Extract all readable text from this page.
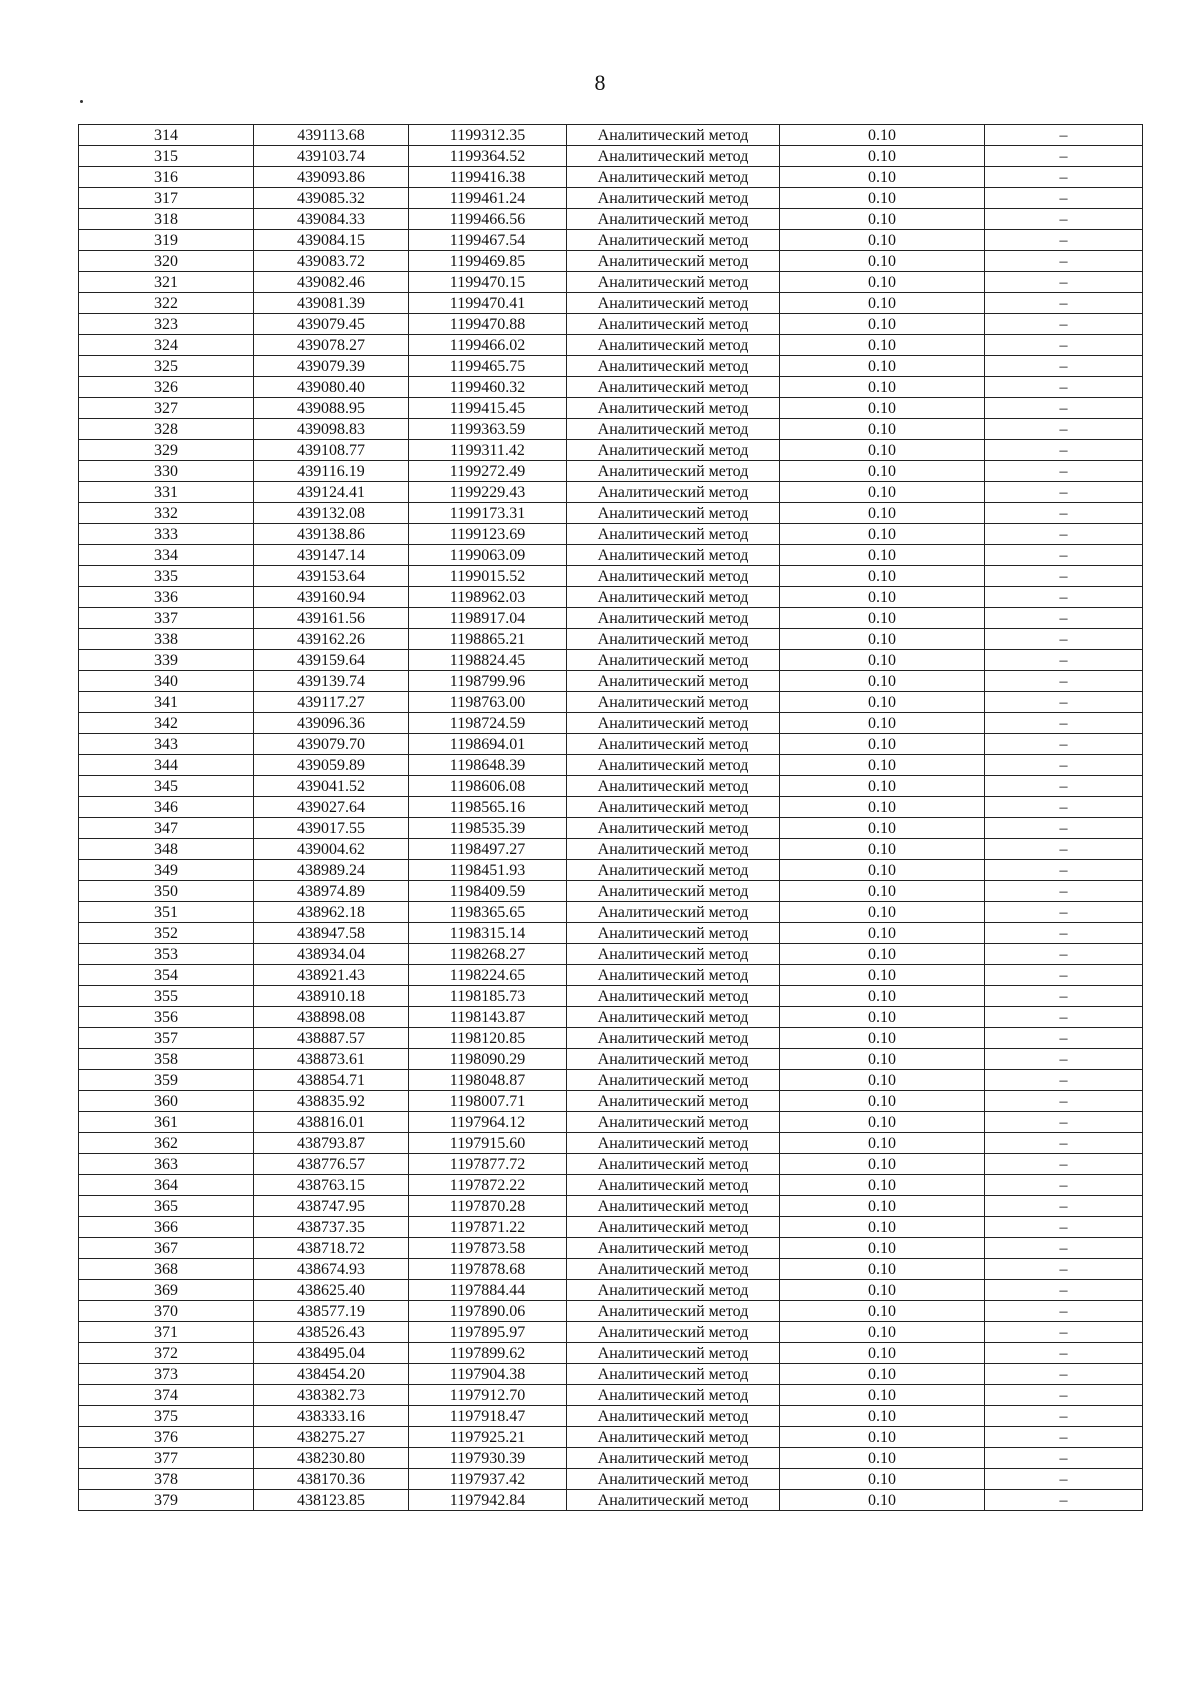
8
314	439113.68	1199312.35	Аналитический метод	0.10	–
315	439103.74	1199364.52	Аналитический метод	0.10	–
316	439093.86	1199416.38	Аналитический метод	0.10	–
317	439085.32	1199461.24	Аналитический метод	0.10	–
318	439084.33	1199466.56	Аналитический метод	0.10	–
319	439084.15	1199467.54	Аналитический метод	0.10	–
320	439083.72	1199469.85	Аналитический метод	0.10	–
321	439082.46	1199470.15	Аналитический метод	0.10	–
322	439081.39	1199470.41	Аналитический метод	0.10	–
323	439079.45	1199470.88	Аналитический метод	0.10	–
324	439078.27	1199466.02	Аналитический метод	0.10	–
325	439079.39	1199465.75	Аналитический метод	0.10	–
326	439080.40	1199460.32	Аналитический метод	0.10	–
327	439088.95	1199415.45	Аналитический метод	0.10	–
328	439098.83	1199363.59	Аналитический метод	0.10	–
329	439108.77	1199311.42	Аналитический метод	0.10	–
330	439116.19	1199272.49	Аналитический метод	0.10	–
331	439124.41	1199229.43	Аналитический метод	0.10	–
332	439132.08	1199173.31	Аналитический метод	0.10	–
333	439138.86	1199123.69	Аналитический метод	0.10	–
334	439147.14	1199063.09	Аналитический метод	0.10	–
335	439153.64	1199015.52	Аналитический метод	0.10	–
336	439160.94	1198962.03	Аналитический метод	0.10	–
337	439161.56	1198917.04	Аналитический метод	0.10	–
338	439162.26	1198865.21	Аналитический метод	0.10	–
339	439159.64	1198824.45	Аналитический метод	0.10	–
340	439139.74	1198799.96	Аналитический метод	0.10	–
341	439117.27	1198763.00	Аналитический метод	0.10	–
342	439096.36	1198724.59	Аналитический метод	0.10	–
343	439079.70	1198694.01	Аналитический метод	0.10	–
344	439059.89	1198648.39	Аналитический метод	0.10	–
345	439041.52	1198606.08	Аналитический метод	0.10	–
346	439027.64	1198565.16	Аналитический метод	0.10	–
347	439017.55	1198535.39	Аналитический метод	0.10	–
348	439004.62	1198497.27	Аналитический метод	0.10	–
349	438989.24	1198451.93	Аналитический метод	0.10	–
350	438974.89	1198409.59	Аналитический метод	0.10	–
351	438962.18	1198365.65	Аналитический метод	0.10	–
352	438947.58	1198315.14	Аналитический метод	0.10	–
353	438934.04	1198268.27	Аналитический метод	0.10	–
354	438921.43	1198224.65	Аналитический метод	0.10	–
355	438910.18	1198185.73	Аналитический метод	0.10	–
356	438898.08	1198143.87	Аналитический метод	0.10	–
357	438887.57	1198120.85	Аналитический метод	0.10	–
358	438873.61	1198090.29	Аналитический метод	0.10	–
359	438854.71	1198048.87	Аналитический метод	0.10	–
360	438835.92	1198007.71	Аналитический метод	0.10	–
361	438816.01	1197964.12	Аналитический метод	0.10	–
362	438793.87	1197915.60	Аналитический метод	0.10	–
363	438776.57	1197877.72	Аналитический метод	0.10	–
364	438763.15	1197872.22	Аналитический метод	0.10	–
365	438747.95	1197870.28	Аналитический метод	0.10	–
366	438737.35	1197871.22	Аналитический метод	0.10	–
367	438718.72	1197873.58	Аналитический метод	0.10	–
368	438674.93	1197878.68	Аналитический метод	0.10	–
369	438625.40	1197884.44	Аналитический метод	0.10	–
370	438577.19	1197890.06	Аналитический метод	0.10	–
371	438526.43	1197895.97	Аналитический метод	0.10	–
372	438495.04	1197899.62	Аналитический метод	0.10	–
373	438454.20	1197904.38	Аналитический метод	0.10	–
374	438382.73	1197912.70	Аналитический метод	0.10	–
375	438333.16	1197918.47	Аналитический метод	0.10	–
376	438275.27	1197925.21	Аналитический метод	0.10	–
377	438230.80	1197930.39	Аналитический метод	0.10	–
378	438170.36	1197937.42	Аналитический метод	0.10	–
379	438123.85	1197942.84	Аналитический метод	0.10	–
